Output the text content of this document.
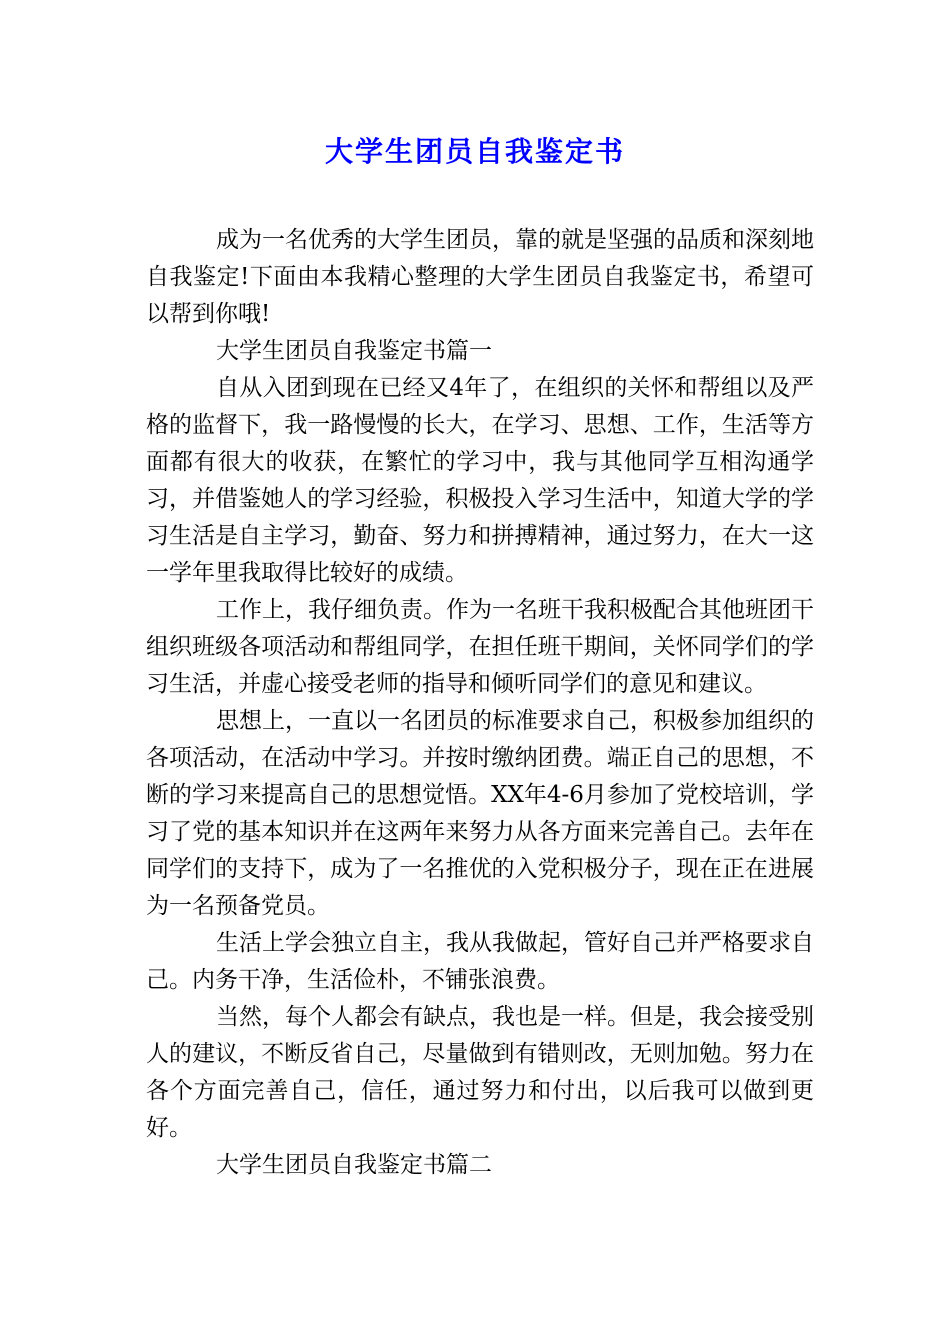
大学生团员自我鉴定书

成为一名优秀的大学生团员，靠的就是坚强的品质和深刻地自我鉴定!下面由本我精心整理的大学生团员自我鉴定书，希望可以帮到你哦!

大学生团员自我鉴定书篇一

自从入团到现在已经又4年了，在组织的关怀和帮组以及严格的监督下，我一路慢慢的长大，在学习、思想、工作，生活等方面都有很大的收获，在繁忙的学习中，我与其他同学互相沟通学习，并借鉴她人的学习经验，积极投入学习生活中，知道大学的学习生活是自主学习，勤奋、努力和拼搏精神，通过努力，在大一这一学年里我取得比较好的成绩。

工作上，我仔细负责。作为一名班干我积极配合其他班团干组织班级各项活动和帮组同学，在担任班干期间，关怀同学们的学习生活，并虚心接受老师的指导和倾听同学们的意见和建议。

思想上，一直以一名团员的标准要求自己，积极参加组织的各项活动，在活动中学习。并按时缴纳团费。端正自己的思想，不断的学习来提高自己的思想觉悟。XX年4-6月参加了党校培训，学习了党的基本知识并在这两年来努力从各方面来完善自己。去年在同学们的支持下，成为了一名推优的入党积极分子，现在正在进展为一名预备党员。

生活上学会独立自主，我从我做起，管好自己并严格要求自己。内务干净，生活俭朴，不铺张浪费。

当然，每个人都会有缺点，我也是一样。但是，我会接受别人的建议，不断反省自己，尽量做到有错则改，无则加勉。努力在各个方面完善自己，信任，通过努力和付出，以后我可以做到更好。

大学生团员自我鉴定书篇二
